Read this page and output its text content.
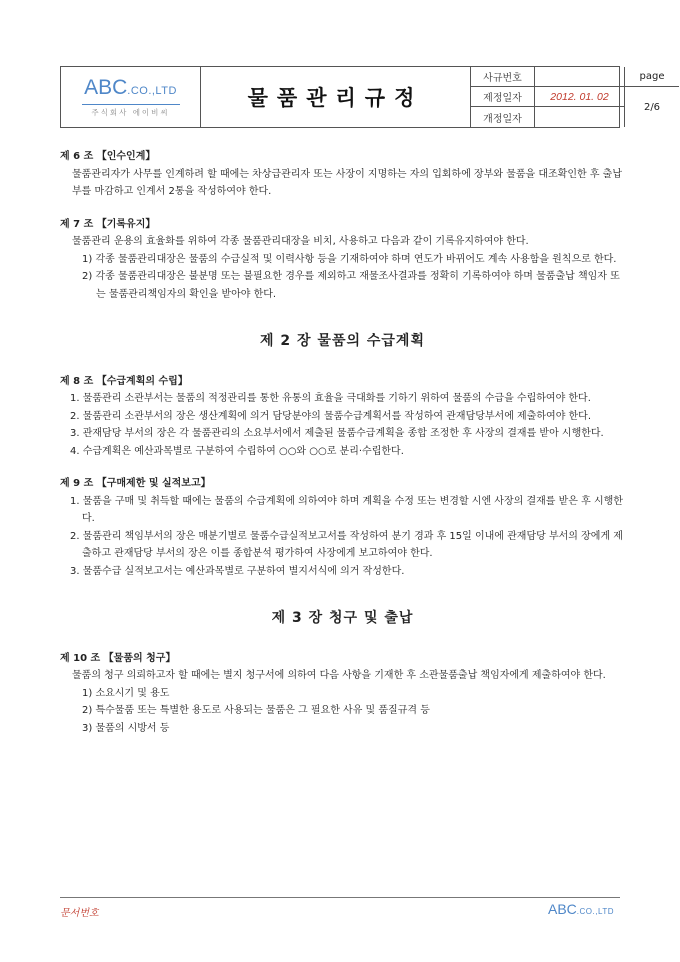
ABC.CO.,LTD
주식회사 에이비씨
물품관리규정
사규번호
제정일자	2012. 01. 02
개정일자
page
2/6

제 6 조 【인수인계】

물품관리자가 사무를 인계하려 할 때에는 차상급관리자 또는 사장이 지명하는 자의 입회하에 장부와 물품을 대조확인한 후 출납부를 마감하고 인계서 2통을 작성하여야 한다.

제 7 조 【기록유지】

물품관리 운용의 효율화를 위하여 각종 물품관리대장을 비치, 사용하고 다음과 같이 기록유지하여야 한다.

1) 각종 물품관리대장은 물품의 수급실적 및 이력사항 등을 기재하여야 하며 연도가 바뀌어도 계속 사용함을 원칙으로 한다.

2) 각종 물품관리대장은 불분명 또는 불필요한 경우를 제외하고 재물조사결과를 정확히 기록하여야 하며 물품출납 책임자 또는 물품관리책임자의 확인을 받아야 한다.

제 2 장 물품의 수급계획

제 8 조 【수급계획의 수립】

1. 물품관리 소관부서는 물품의 적정관리를 통한 유통의 효율을 극대화를 기하기 위하여 물품의 수급을 수립하여야 한다.

2. 물품관리 소관부서의 장은 생산계획에 의거 담당분야의 물품수급계획서를 작성하여 관재담당부서에 제출하여야 한다.

3. 관재담당 부서의 장은 각 물품관리의 소요부서에서 제출된 물품수급계획을 종합 조정한 후 사장의 결재를 받아 시행한다.

4. 수급계획은 예산과목별로 구분하여 수립하여 ○○와 ○○로 분리·수립한다.

제 9 조 【구매제한 및 실적보고】

1. 물품을 구매 및 취득할 때에는 물품의 수급계획에 의하여야 하며 계획을 수정 또는 변경할 시엔 사장의 결재를 받은 후 시행한다.

2. 물품관리 책임부서의 장은 매분기별로 물품수급실적보고서를 작성하여 분기 경과 후 15일 이내에 관재담당 부서의 장에게 제출하고 관재담당 부서의 장은 이를 종합분석 평가하여 사장에게 보고하여야 한다.

3. 물품수급 실적보고서는 예산과목별로 구분하여 별지서식에 의거 작성한다.

제 3 장 청구 및 출납

제 10 조 【물품의 청구】

물품의 청구 의뢰하고자 할 때에는 별지 청구서에 의하여 다음 사항을 기재한 후 소관물품출납 책임자에게 제출하여야 한다.

1) 소요시기 및 용도

2) 특수물품 또는 특별한 용도로 사용되는 물품은 그 필요한 사유 및 품질규격 등

3) 물품의 시방서 등

문서번호	ABC.CO.,LTD
